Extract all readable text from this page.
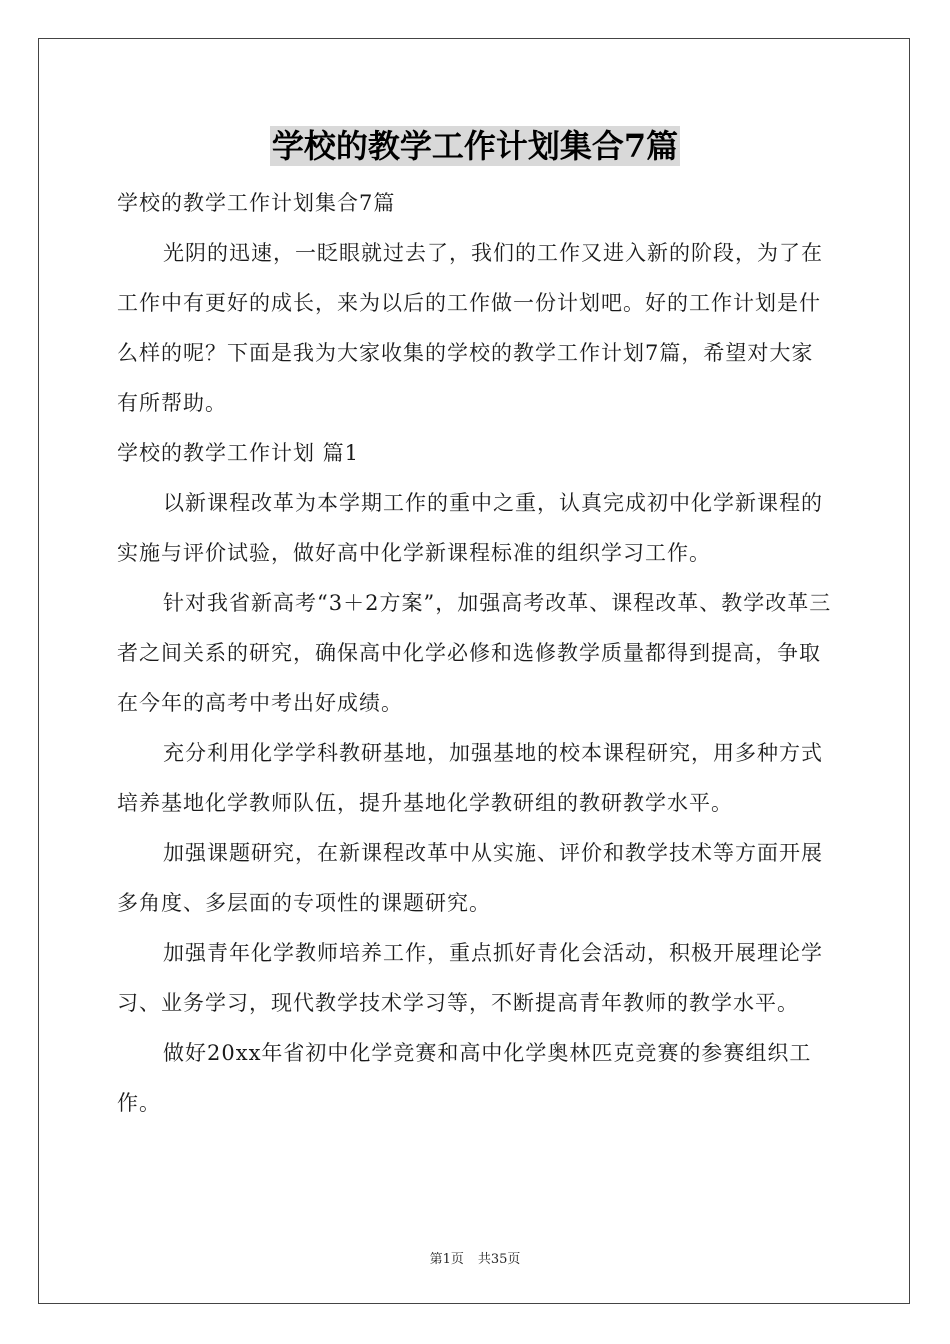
学校的教学工作计划集合7篇

学校的教学工作计划集合7篇

光阴的迅速，一眨眼就过去了，我们的工作又进入新的阶段，为了在工作中有更好的成长，来为以后的工作做一份计划吧。好的工作计划是什么样的呢？下面是我为大家收集的学校的教学工作计划7篇，希望对大家有所帮助。

学校的教学工作计划 篇1

以新课程改革为本学期工作的重中之重，认真完成初中化学新课程的实施与评价试验，做好高中化学新课程标准的组织学习工作。

针对我省新高考“3＋2方案”，加强高考改革、课程改革、教学改革三者之间关系的研究，确保高中化学必修和选修教学质量都得到提高，争取在今年的高考中考出好成绩。

充分利用化学学科教研基地，加强基地的校本课程研究，用多种方式培养基地化学教师队伍，提升基地化学教研组的教研教学水平。

加强课题研究，在新课程改革中从实施、评价和教学技术等方面开展多角度、多层面的专项性的课题研究。

加强青年化学教师培养工作，重点抓好青化会活动，积极开展理论学习、业务学习，现代教学技术学习等，不断提高青年教师的教学水平。

做好20xx年省初中化学竞赛和高中化学奥林匹克竞赛的参赛组织工作。

第1页 共35页
